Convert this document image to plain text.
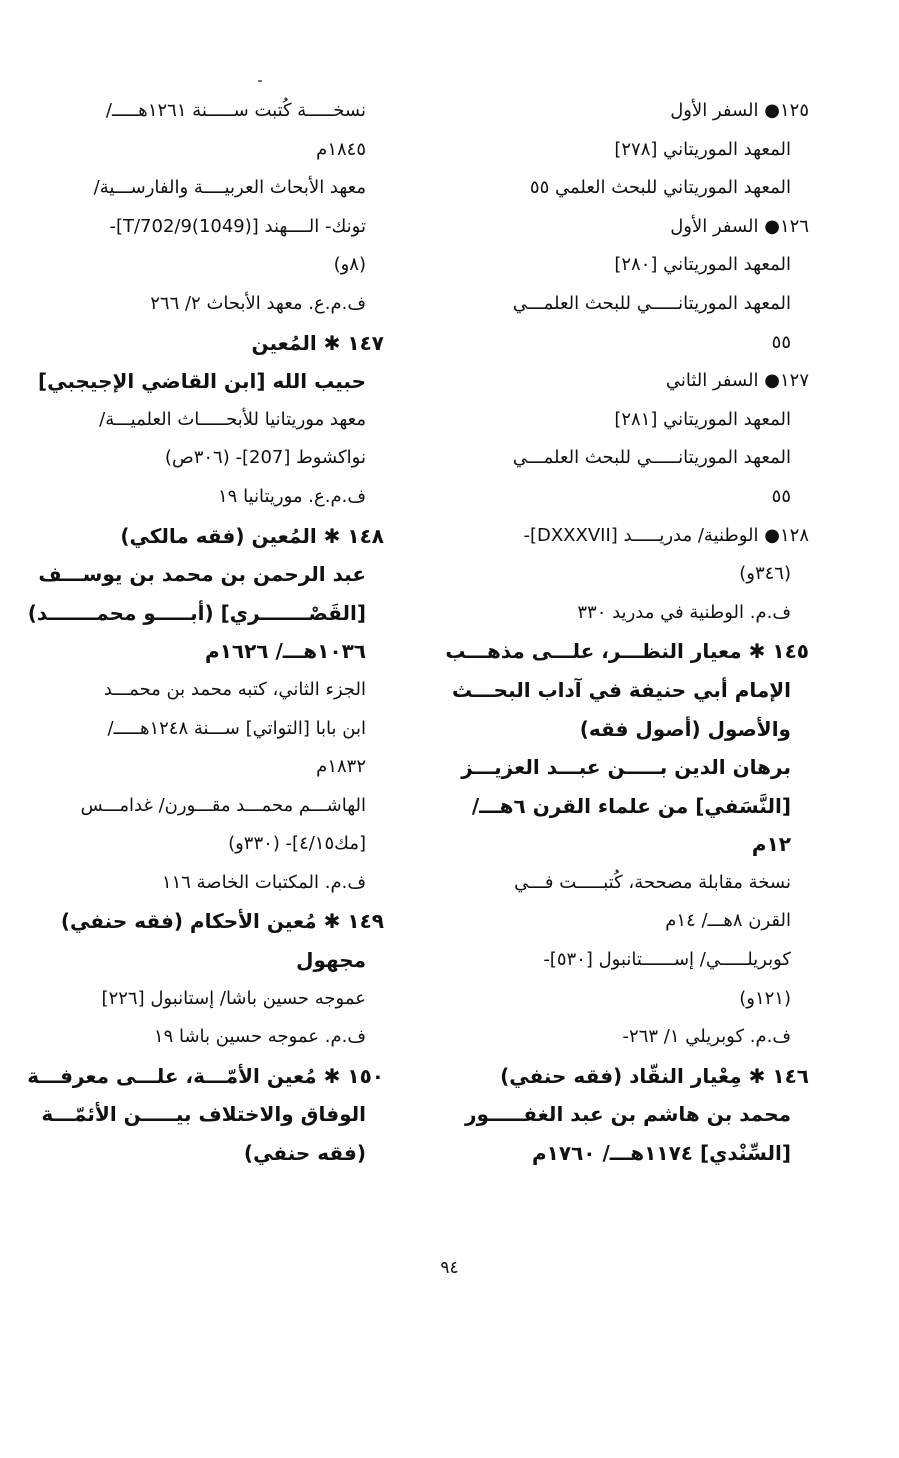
١٢٥● السفر الأول
المعهد الموريتاني [٢٧٨]
المعهد الموريتاني للبحث العلمي ٥٥
١٢٦● السفر الأول
المعهد الموريتاني [٢٨٠]
المعهد الموريتانـــــي للبحث العلمـــي
٥٥
١٢٧● السفر الثاني
المعهد الموريتاني [٢٨١]
المعهد الموريتانـــــي للبحث العلمـــي
٥٥
١٢٨● الوطنية/ مدريـــــد [DXXXVII]-
(٣٤٦و)
ف.م. الوطنية في مدريد ٣٣٠
١٤٥ ✱ معيار النظـــر، علـــى مذهـــب
الإمام أبي حنيفة في آداب البحـــث
والأصول (أصول فقه)
برهان الدين بـــــن عبـــد العزيـــز
[النَّسَفي] من علماء القرن ٦هـــ/
١٢م
نسخة مقابلة مصححة، كُتبـــــت فـــي
القرن ٨هـــ/ ١٤م
كوبريلـــــي/ إســــــتانبول [٥٣٠]-
(١٢١و)
ف.م. كوبريلي ١/ ٢٦٣-
١٤٦ ✱ مِعْيار النقّاد (فقه حنفي)
محمد بن هاشم بن عبد الغفـــــور
[السِّنْدي] ١١٧٤هـــ/ ١٧٦٠م
نسخـــــة كُتبت ســـــنة ١٢٦١هـــــ/
١٨٤٥م
معهد الأبحاث العربيــــة والفارســـية/
تونك- الــــهند [T/702/9(1049)]-
(٨و)
ف.م.ع. معهد الأبحاث ٢/ ٢٦٦
١٤٧ ✱ المُعين
حبيب الله [ابن القاضي الإجيجبي]
معهد موريتانيا للأبحـــــاث العلميـــة/
نواكشوط [207]- (٣٠٦ص)
ف.م.ع. موريتانيا ١٩
١٤٨ ✱ المُعين (فقه مالكي)
عبد الرحمن بن محمد بن يوســـف
[القَصْـــــــري] (أبـــــو محمـــــــد)
١٠٣٦هـــ/ ١٦٢٦م
الجزء الثاني، كتبه محمد بن محمـــد
ابن بابا [التواتي] ســـنة ١٢٤٨هـــــ/
١٨٣٢م
الهاشـــم محمـــد مقـــورن/ غدامـــس
[مك٤/١٥]- (٣٣٠و)
ف.م. المكتبات الخاصة ١١٦
١٤٩ ✱ مُعين الأحكام (فقه حنفي)
مجهول
عموجه حسين باشا/ إستانبول [٢٢٦]
ف.م. عموجه حسين باشا ١٩
١٥٠ ✱ مُعين الأمّـــة، علـــى معرفـــة
الوفاق والاختلاف بيـــــن الأئمّـــة
(فقه حنفي)
٩٤
